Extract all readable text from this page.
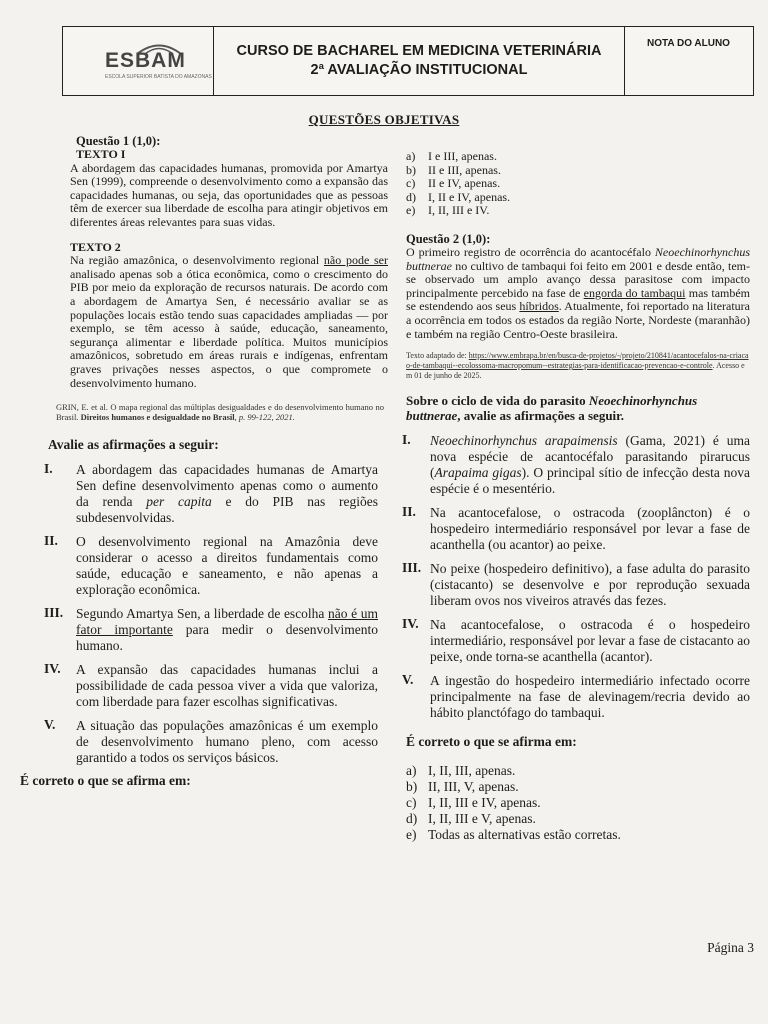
ESBAM
ESCOLA SUPERIOR BATISTA DO AMAZONAS
CURSO DE BACHAREL EM MEDICINA VETERINÁRIA
2ª AVALIAÇÃO INSTITUCIONAL
NOTA DO ALUNO
QUESTÕES OBJETIVAS
Questão 1 (1,0):
TEXTO I
A abordagem das capacidades humanas, promovida por Amartya Sen (1999), compreende o desenvolvimento como a expansão das capacidades humanas, ou seja, das oportunidades que as pessoas têm de exercer sua liberdade de escolha para atingir objetivos em diferentes áreas relevantes para suas vidas.
TEXTO 2
Na região amazônica, o desenvolvimento regional não pode ser analisado apenas sob a ótica econômica, como o crescimento do PIB por meio da exploração de recursos naturais. De acordo com a abordagem de Amartya Sen, é necessário avaliar se as populações locais estão tendo suas capacidades ampliadas — por exemplo, se têm acesso à saúde, educação, saneamento, segurança alimentar e liberdade política. Muitos municípios amazônicos, sobretudo em áreas rurais e indígenas, enfrentam graves privações nesses aspectos, o que compromete o desenvolvimento humano.
GRIN, E. et al. O mapa regional das múltiplas desigualdades e do desenvolvimento humano no Brasil. Direitos humanos e desigualdade no Brasil, p. 99-122, 2021.
Avalie as afirmações a seguir:
I.	A abordagem das capacidades humanas de Amartya Sen define desenvolvimento apenas como o aumento da renda per capita e do PIB nas regiões subdesenvolvidas.
II.	O desenvolvimento regional na Amazônia deve considerar o acesso a direitos fundamentais como saúde, educação e saneamento, e não apenas a exploração econômica.
III. Segundo Amartya Sen, a liberdade de escolha não é um fator importante para medir o desenvolvimento humano.
IV.	A expansão das capacidades humanas inclui a possibilidade de cada pessoa viver a vida que valoriza, com liberdade para fazer escolhas significativas.
V.	A situação das populações amazônicas é um exemplo de desenvolvimento humano pleno, com acesso garantido a todos os serviços básicos.
É correto o que se afirma em:
a)	I e III, apenas.
b)	II e III, apenas.
c)	II e IV, apenas.
d)	I, II e IV, apenas.
e)	I, II, III e IV.
Questão 2 (1,0):
O primeiro registro de ocorrência do acantocéfalo Neoechinorhynchus buttnerae no cultivo de tambaqui foi feito em 2001 e desde então, tem-se observado um amplo avanço dessa parasitose com impacto principalmente percebido na fase de engorda do tambaqui mas também se estendendo aos seus híbridos. Atualmente, foi reportado na literatura a ocorrência em todos os estados da região Norte, Nordeste (maranhão) e também na região Centro-Oeste brasileira.
Texto adaptado de: https://www.embrapa.br/en/busca-de-projetos/-/projeto/210841/acantocefalos-na-criacao-de-tambaqui--ecolossoma-macropomum--estrategias-para-identificacao-prevencao-e-controle. Acesso em 01 de junho de 2025.
Sobre o ciclo de vida do parasito Neoechinorhynchus buttnerae, avalie as afirmações a seguir.
I.	Neoechinorhynchus arapaimensis (Gama, 2021) é uma nova espécie de acantocéfalo parasitando pirarucus (Arapaima gigas). O principal sítio de infecção desta nova espécie é o mesentério.
II.	Na acantocefalose, o ostracoda (zooplâncton) é o hospedeiro intermediário responsável por levar a fase de acanthella (ou acantor) ao peixe.
III. No peixe (hospedeiro definitivo), a fase adulta do parasito (cistacanto) se desenvolve e por reprodução sexuada liberam ovos nos viveiros através das fezes.
IV. Na acantocefalose, o ostracoda é o hospedeiro intermediário, responsável por levar a fase de cistacanto ao peixe, onde torna-se acanthella (acantor).
V.	A ingestão do hospedeiro intermediário infectado ocorre principalmente na fase de alevinagem/recria devido ao hábito planctófago do tambaqui.
É correto o que se afirma em:
a) I, II, III, apenas.
b) II, III, V, apenas.
c) I, II, III e IV, apenas.
d) I, II, III e V, apenas.
e) Todas as alternativas estão corretas.
Página 3
